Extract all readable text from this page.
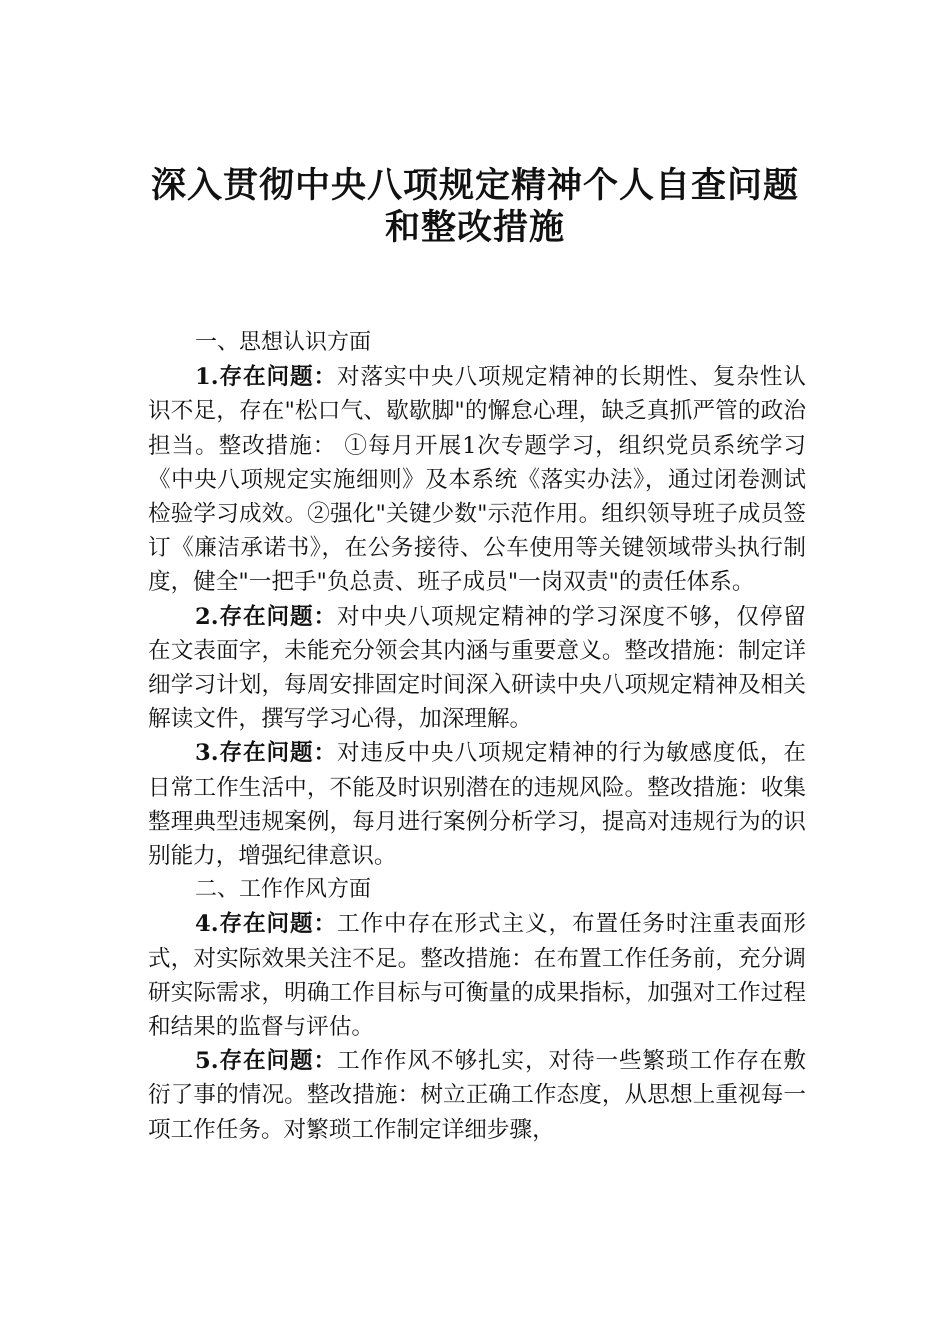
深入贯彻中央八项规定精神个人自查问题
和整改措施

一、思想认识方面

1.存在问题：对落实中央八项规定精神的长期性、复杂性认识不足，存在"松口气、歇歇脚"的懈怠心理，缺乏真抓严管的政治担当。整改措施： ①每月开展1次专题学习，组织党员系统学习《中央八项规定实施细则》及本系统《落实办法》，通过闭卷测试检验学习成效。②强化"关键少数"示范作用。组织领导班子成员签订《廉洁承诺书》，在公务接待、公车使用等关键领域带头执行制度，健全"一把手"负总责、班子成员"一岗双责"的责任体系。

2.存在问题：对中央八项规定精神的学习深度不够，仅停留在文表面字，未能充分领会其内涵与重要意义。整改措施：制定详细学习计划，每周安排固定时间深入研读中央八项规定精神及相关解读文件，撰写学习心得，加深理解。

3.存在问题：对违反中央八项规定精神的行为敏感度低，在日常工作生活中，不能及时识别潜在的违规风险。整改措施：收集整理典型违规案例，每月进行案例分析学习，提高对违规行为的识别能力，增强纪律意识。

二、工作作风方面

4.存在问题：工作中存在形式主义，布置任务时注重表面形式，对实际效果关注不足。整改措施：在布置工作任务前，充分调研实际需求，明确工作目标与可衡量的成果指标，加强对工作过程和结果的监督与评估。

5.存在问题：工作作风不够扎实，对待一些繁琐工作存在敷衍了事的情况。整改措施：树立正确工作态度，从思想上重视每一项工作任务。对繁琐工作制定详细步骤，
